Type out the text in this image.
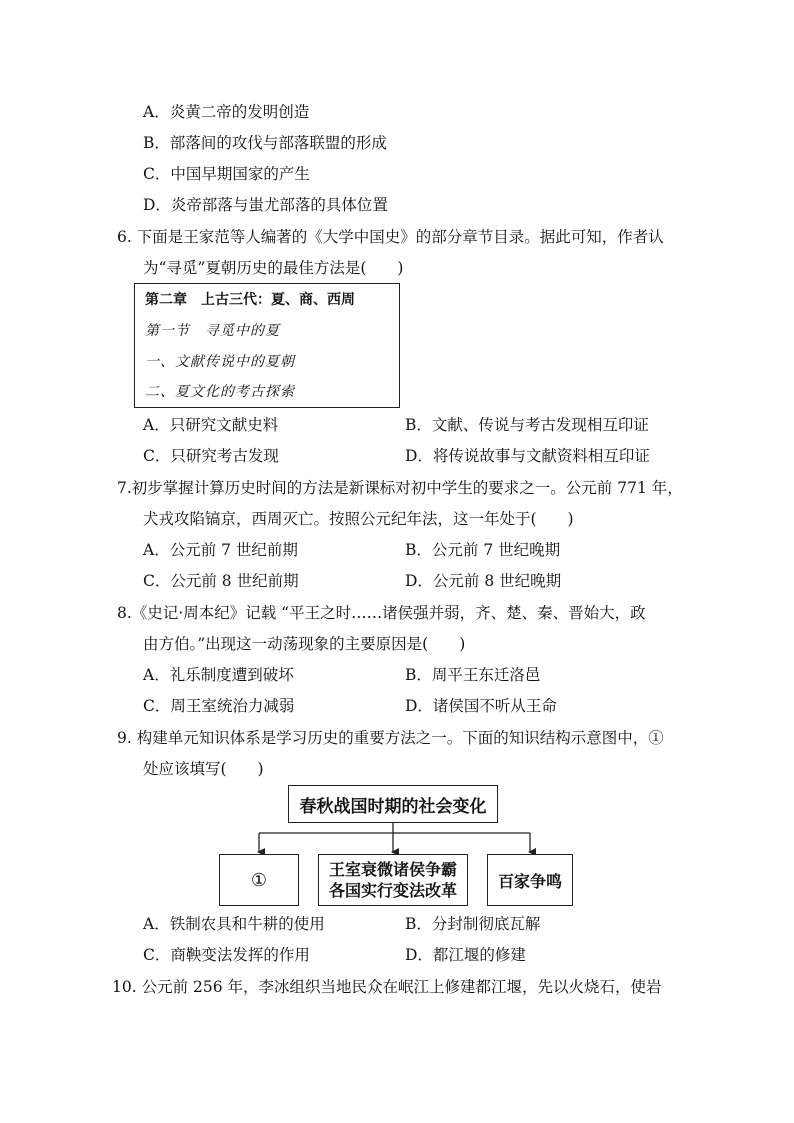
A．炎黄二帝的发明创造
B．部落间的攻伐与部落联盟的形成
C．中国早期国家的产生
D．炎帝部落与蚩尤部落的具体位置
6. 下面是王家范等人编著的《大学中国史》的部分章节目录。据此可知，作者认
为“寻觅”夏朝历史的最佳方法是(　　)
第二章　上古三代：夏、商、西周
第一节　寻觅中的夏
一、文献传说中的夏朝
二、夏文化的考古探索
A．只研究文献史料	B．文献、传说与考古发现相互印证
C．只研究考古发现	D．将传说故事与文献资料相互印证
7.初步掌握计算历史时间的方法是新课标对初中学生的要求之一。公元前 771 年，
犬戎攻陷镐京，西周灭亡。按照公元纪年法，这一年处于(　　)
A．公元前 7 世纪前期	B．公元前 7 世纪晚期
C．公元前 8 世纪前期	D．公元前 8 世纪晚期
8.《史记·周本纪》记载 “平王之时……诸侯强并弱，齐、楚、秦、晋始大，政
由方伯。”出现这一动荡现象的主要原因是(　　)
A．礼乐制度遭到破坏	B．周平王东迁洛邑
C．周王室统治力减弱	D．诸侯国不听从王命
9. 构建单元知识体系是学习历史的重要方法之一。下面的知识结构示意图中，①
处应该填写(　　)
春秋战国时期的社会变化
①	王室衰微诸侯争霸
各国实行变法改革	百家争鸣
A．铁制农具和牛耕的使用	B．分封制彻底瓦解
C．商鞅变法发挥的作用	D．都江堰的修建
10. 公元前 256 年，李冰组织当地民众在岷江上修建都江堰，先以火烧石，使岩
